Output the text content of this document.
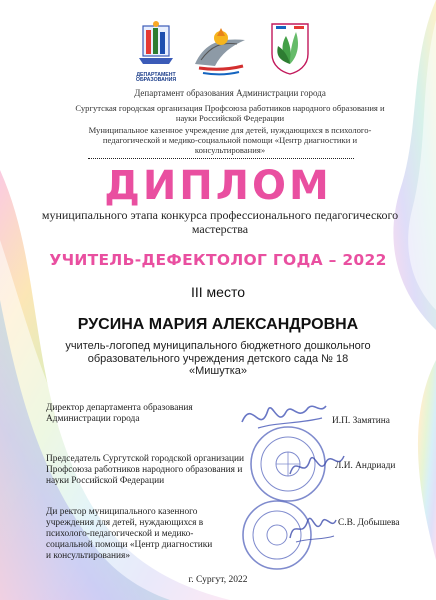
ДЕПАРТАМЕНТ
ОБРАЗОВАНИЯ
Департамент образования Администрации города
Сургутская городская организация Профсоюза работников народного образования и науки Российской Федерации
Муниципальное казенное учреждение для детей, нуждающихся в психолого-педагогической и медико-социальной помощи «Центр диагностики и консультирования»
ДИПЛОМ
муниципального этапа конкурса профессионального педагогического мастерства
УЧИТЕЛЬ-ДЕФЕКТОЛОГ ГОДА – 2022
III место
РУСИНА МАРИЯ АЛЕКСАНДРОВНА
учитель-логопед муниципального бюджетного дошкольного образовательного учреждения детского сада № 18 «Мишутка»
Директор департамента образования Администрации города	И.П. Замятина
Председатель Сургутской городской организации Профсоюза работников народного образования и науки Российской Федерации
Л.И. Андриади
Ди ректор муниципального казенного учреждения для детей, нуждающихся в психолого-педагогической и медико-социальной помощи «Центр диагностики и консультирования»
С.В. Добышева
г. Сургут, 2022
